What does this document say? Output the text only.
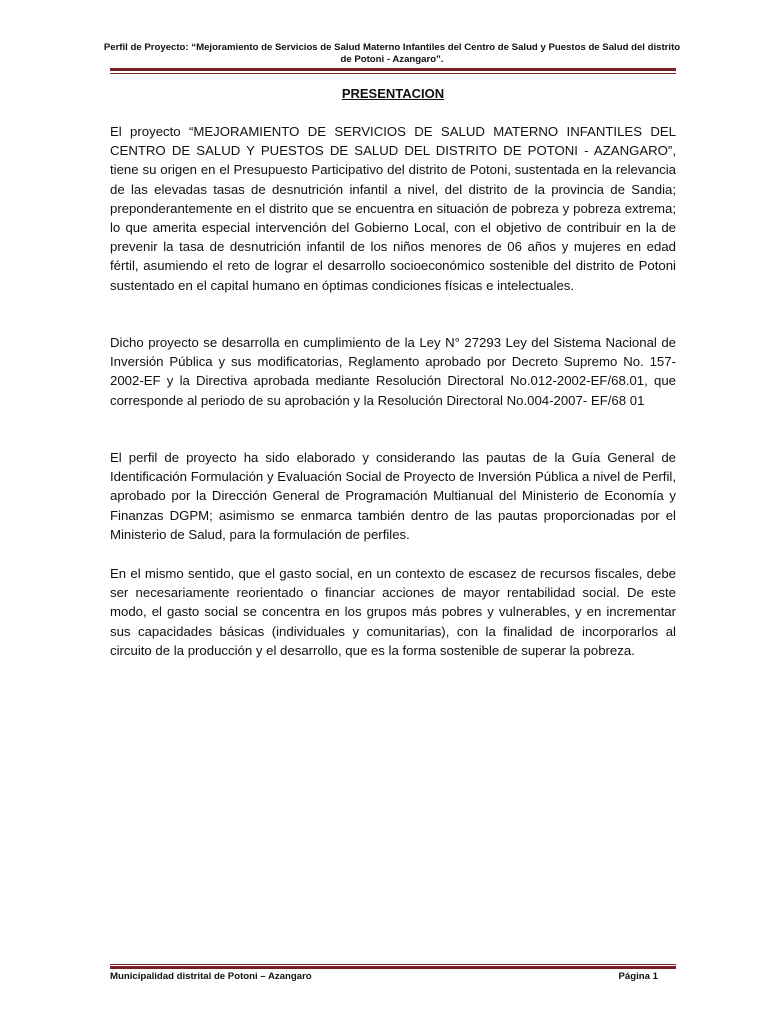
Perfil de Proyecto: “Mejoramiento de Servicios de Salud Materno Infantiles del Centro de Salud y Puestos de Salud del distrito de Potoni - Azangaro”.
PRESENTACION

El proyecto “MEJORAMIENTO DE SERVICIOS DE SALUD MATERNO INFANTILES DEL CENTRO DE SALUD Y PUESTOS DE SALUD DEL DISTRITO DE POTONI - AZANGARO”, tiene su origen en el Presupuesto Participativo del distrito de Potoni, sustentada en la relevancia de las elevadas tasas de desnutrición infantil a nivel, del distrito de la provincia de Sandia; preponderantemente en el distrito que se encuentra en situación de pobreza y pobreza extrema; lo que amerita especial intervención del Gobierno Local, con el objetivo de contribuir en la de prevenir la tasa de desnutrición infantil de los niños menores de 06 años y mujeres en edad fértil, asumiendo el reto de lograr el desarrollo socioeconómico sostenible del distrito de Potoni sustentado en el capital humano en óptimas condiciones físicas e intelectuales.

Dicho proyecto se desarrolla en cumplimiento de la Ley N° 27293 Ley del Sistema Nacional de Inversión Pública y sus modificatorias, Reglamento aprobado por Decreto Supremo No. 157-2002-EF y la Directiva aprobada mediante Resolución Directoral No.012-2002-EF/68.01, que corresponde al periodo de su aprobación y la Resolución Directoral No.004-2007- EF/68 01

El perfil de proyecto ha sido elaborado y considerando las pautas de la Guía General de Identificación Formulación y Evaluación Social de Proyecto de Inversión Pública a nivel de Perfil, aprobado por la Dirección General de Programación Multianual del Ministerio de Economía y Finanzas DGPM; asimismo se enmarca también dentro de las pautas proporcionadas por el Ministerio de Salud, para la formulación de perfiles.

En el mismo sentido, que el gasto social, en un contexto de escasez de recursos fiscales, debe ser necesariamente reorientado o financiar acciones de mayor rentabilidad social. De este modo, el gasto social se concentra en los grupos más pobres y vulnerables, y en incrementar sus capacidades básicas (individuales y comunitarias), con la finalidad de incorporarlos al circuito de la producción y el desarrollo, que es la forma sostenible de superar la pobreza.

Municipalidad distrital de Potoni – Azangaro	Página 1
